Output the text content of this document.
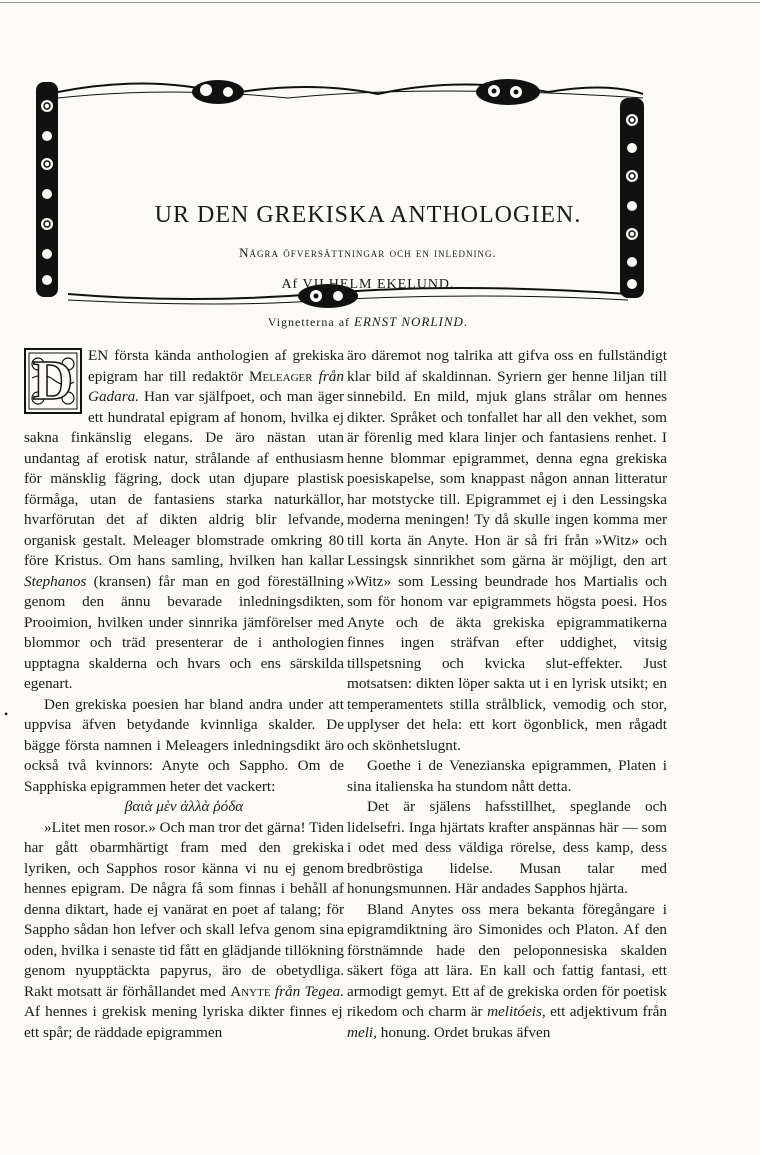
UR DEN GREKISKA ANTHOLOGIEN.
Några öfversättningar och en inledning.
Af VILHELM EKELUND.
Vignetterna af ERNST NORLIND.
•

D EN första kända anthologien af grekiska epigram har till redaktör Meleager från Gadara. Han var själfpoet, och man äger ett hundratal epigram af honom, hvilka ej sakna finkänslig elegans. De äro nästan utan undantag af erotisk natur, strålande af enthusiasm för mänsklig fägring, dock utan djupare plastisk förmåga, utan de fantasiens starka naturkällor, hvarförutan det af dikten aldrig blir lefvande, organisk gestalt. Meleager blomstrade omkring 80 före Kristus. Om hans samling, hvilken han kallar Stephanos (kransen) får man en god föreställning genom den ännu bevarade inledningsdikten, Prooimion, hvilken under sinnrika jämförelser med blommor och träd presenterar de i anthologien upptagna skalderna och hvars och ens särskilda egenart.

Den grekiska poesien har bland andra under att uppvisa äfven betydande kvinnliga skalder. De bägge första namnen i Meleagers inledningsdikt äro också två kvinnors: Anyte och Sappho. Om de Sapphiska epigrammen heter det vackert:

βαιὰ μὲν ἀλλὰ ῥόδα

»Litet men rosor.» Och man tror det gärna! Tiden har gått obarmhärtigt fram med den grekiska lyriken, och Sapphos rosor känna vi nu ej genom hennes epigram. De några få som finnas i behåll af denna diktart, hade ej vanärat en poet af talang; för Sappho sådan hon lefver och skall lefva genom sina oden, hvilka i senaste tid fått en glädjande tillökning genom nyupptäckta papyrus, äro de obetydliga. Rakt motsatt är förhållandet med Anyte från Tegea. Af hennes i grekisk mening lyriska dikter finnes ej ett spår; de räddade epigrammen

äro däremot nog talrika att gifva oss en fullständigt klar bild af skaldinnan. Syriern ger henne liljan till sinnebild. En mild, mjuk glans strålar om hennes dikter. Språket och tonfallet har all den vekhet, som är förenlig med klara linjer och fantasiens renhet. I henne blommar epigrammet, denna egna grekiska poesiskapelse, som knappast någon annan litteratur har motstycke till. Epigrammet ej i den Lessingska moderna meningen! Ty då skulle ingen komma mer till korta än Anyte. Hon är så fri från »Witz» och Lessingsk sinnrikhet som gärna är möjligt, den art »Witz» som Lessing beundrade hos Martialis och som för honom var epigrammets högsta poesi. Hos Anyte och de äkta grekiska epigrammatikerna finnes ingen sträfvan efter uddighet, vitsig tillspetsning och kvicka slut-effekter. Just motsatsen: dikten löper sakta ut i en lyrisk utsikt; en temperamentets stilla strålblick, vemodig och stor, upplyser det hela: ett kort ögonblick, men rågadt och skönhetslugnt.

Goethe i de Venezianska epigrammen, Platen i sina italienska ha stundom nått detta.

Det är själens hafsstillhet, speglande och lidelsefri. Inga hjärtats krafter anspännas här — som i odet med dess väldiga rörelse, dess kamp, dess bredbröstiga lidelse. Musan talar med honungsmunnen. Här andades Sapphos hjärta.

Bland Anytes oss mera bekanta föregångare i epigramdiktning äro Simonides och Platon. Af den förstnämnde hade den peloponnesiska skalden säkert föga att lära. En kall och fattig fantasi, ett armodigt gemyt. Ett af de grekiska orden för poetisk rikedom och charm är melitóeis, ett adjektivum från meli, honung. Ordet brukas äfven
